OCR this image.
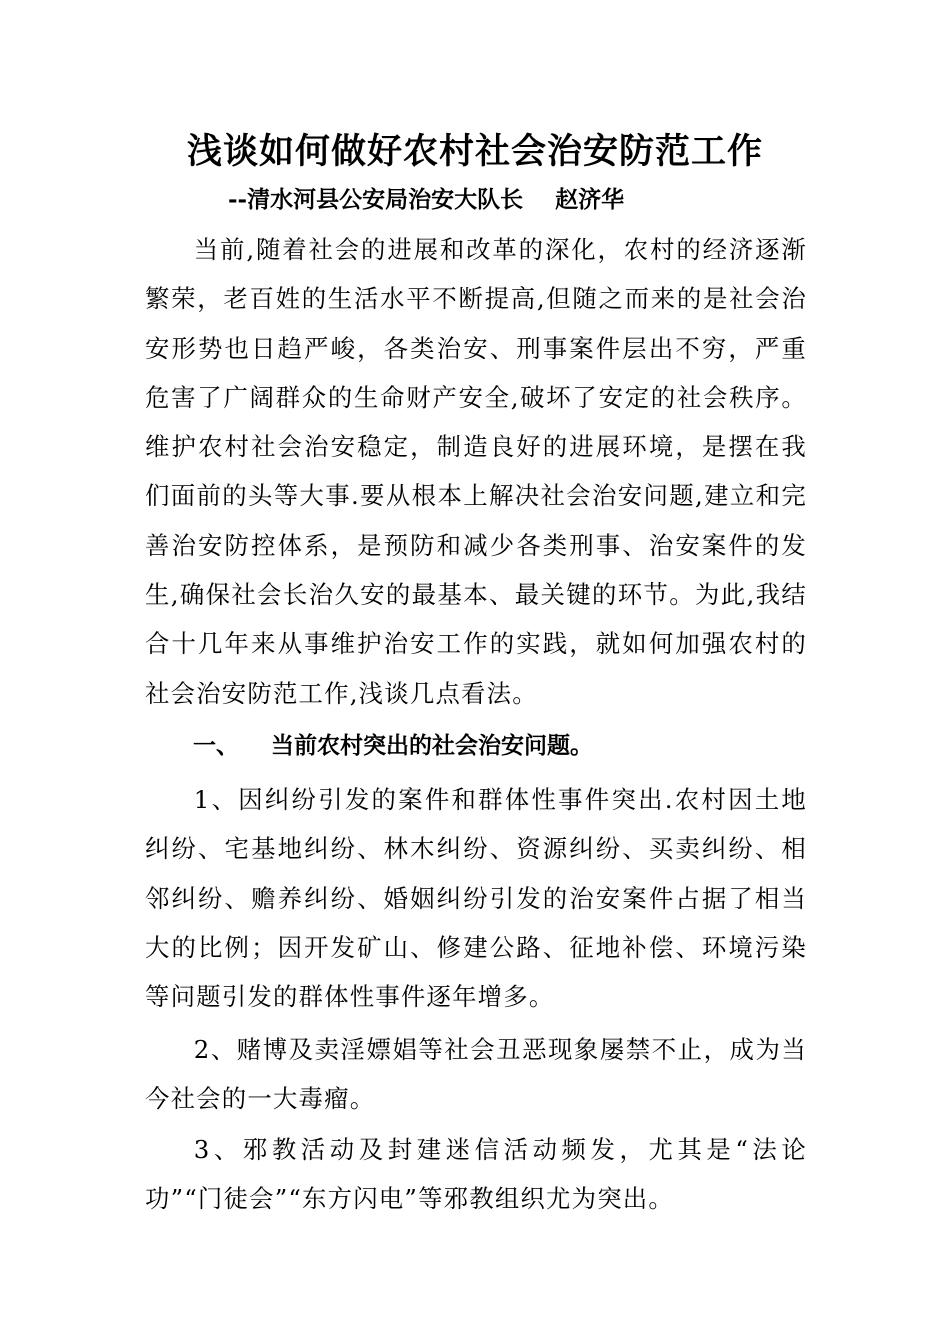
浅谈如何做好农村社会治安防范工作
--清水河县公安局治安大队长    赵济华

当前,随着社会的进展和改革的深化，农村的经济逐渐繁荣，老百姓的生活水平不断提高,但随之而来的是社会治安形势也日趋严峻，各类治安、刑事案件层出不穷，严重危害了广阔群众的生命财产安全,破坏了安定的社会秩序。维护农村社会治安稳定，制造良好的进展环境，是摆在我们面前的头等大事.要从根本上解决社会治安问题,建立和完善治安防控体系，是预防和减少各类刑事、治安案件的发生,确保社会长治久安的最基本、最关键的环节。为此,我结合十几年来从事维护治安工作的实践，就如何加强农村的社会治安防范工作,浅谈几点看法。

一、    当前农村突出的社会治安问题。

1、因纠纷引发的案件和群体性事件突出.农村因土地纠纷、宅基地纠纷、林木纠纷、资源纠纷、买卖纠纷、相邻纠纷、赡养纠纷、婚姻纠纷引发的治安案件占据了相当大的比例；因开发矿山、修建公路、征地补偿、环境污染等问题引发的群体性事件逐年增多。

2、赌博及卖淫嫖娼等社会丑恶现象屡禁不止，成为当今社会的一大毒瘤。

3、邪教活动及封建迷信活动频发，尤其是“法论功”“门徒会”“东方闪电”等邪教组织尤为突出。
